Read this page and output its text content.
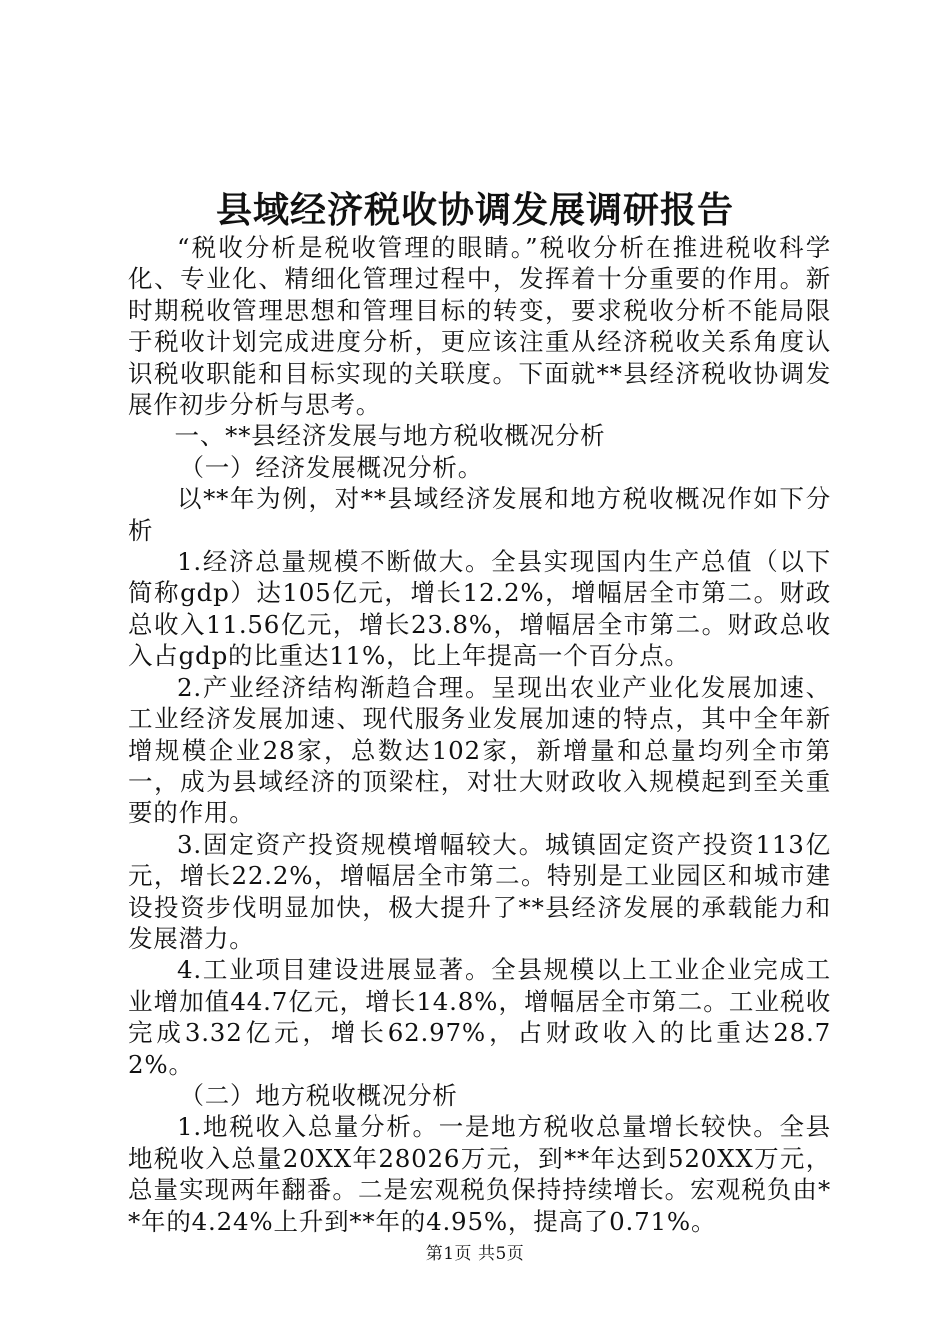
县域经济税收协调发展调研报告

“税收分析是税收管理的眼睛。”税收分析在推进税收科学化、专业化、精细化管理过程中，发挥着十分重要的作用。新时期税收管理思想和管理目标的转变，要求税收分析不能局限于税收计划完成进度分析，更应该注重从经济税收关系角度认识税收职能和目标实现的关联度。下面就**县经济税收协调发展作初步分析与思考。

一、**县经济发展与地方税收概况分析

（一）经济发展概况分析。

以**年为例，对**县域经济发展和地方税收概况作如下分析

1.经济总量规模不断做大。全县实现国内生产总值（以下简称gdp）达105亿元，增长12.2%，增幅居全市第二。财政总收入11.56亿元，增长23.8%，增幅居全市第二。财政总收入占gdp的比重达11%，比上年提高一个百分点。

2.产业经济结构渐趋合理。呈现出农业产业化发展加速、工业经济发展加速、现代服务业发展加速的特点，其中全年新增规模企业28家，总数达102家，新增量和总量均列全市第一，成为县域经济的顶梁柱，对壮大财政收入规模起到至关重要的作用。

3.固定资产投资规模增幅较大。城镇固定资产投资113亿元，增长22.2%，增幅居全市第二。特别是工业园区和城市建设投资步伐明显加快，极大提升了**县经济发展的承载能力和发展潜力。

4.工业项目建设进展显著。全县规模以上工业企业完成工业增加值44.7亿元，增长14.8%，增幅居全市第二。工业税收完成3.32亿元，增长62.97%，占财政收入的比重达28.72%。

（二）地方税收概况分析

1.地税收入总量分析。一是地方税收总量增长较快。全县地税收入总量20XX年28026万元，到**年达到520XX万元，总量实现两年翻番。二是宏观税负保持持续增长。宏观税负由**年的4.24%上升到**年的4.95%，提高了0.71%。

第1页 共5页
